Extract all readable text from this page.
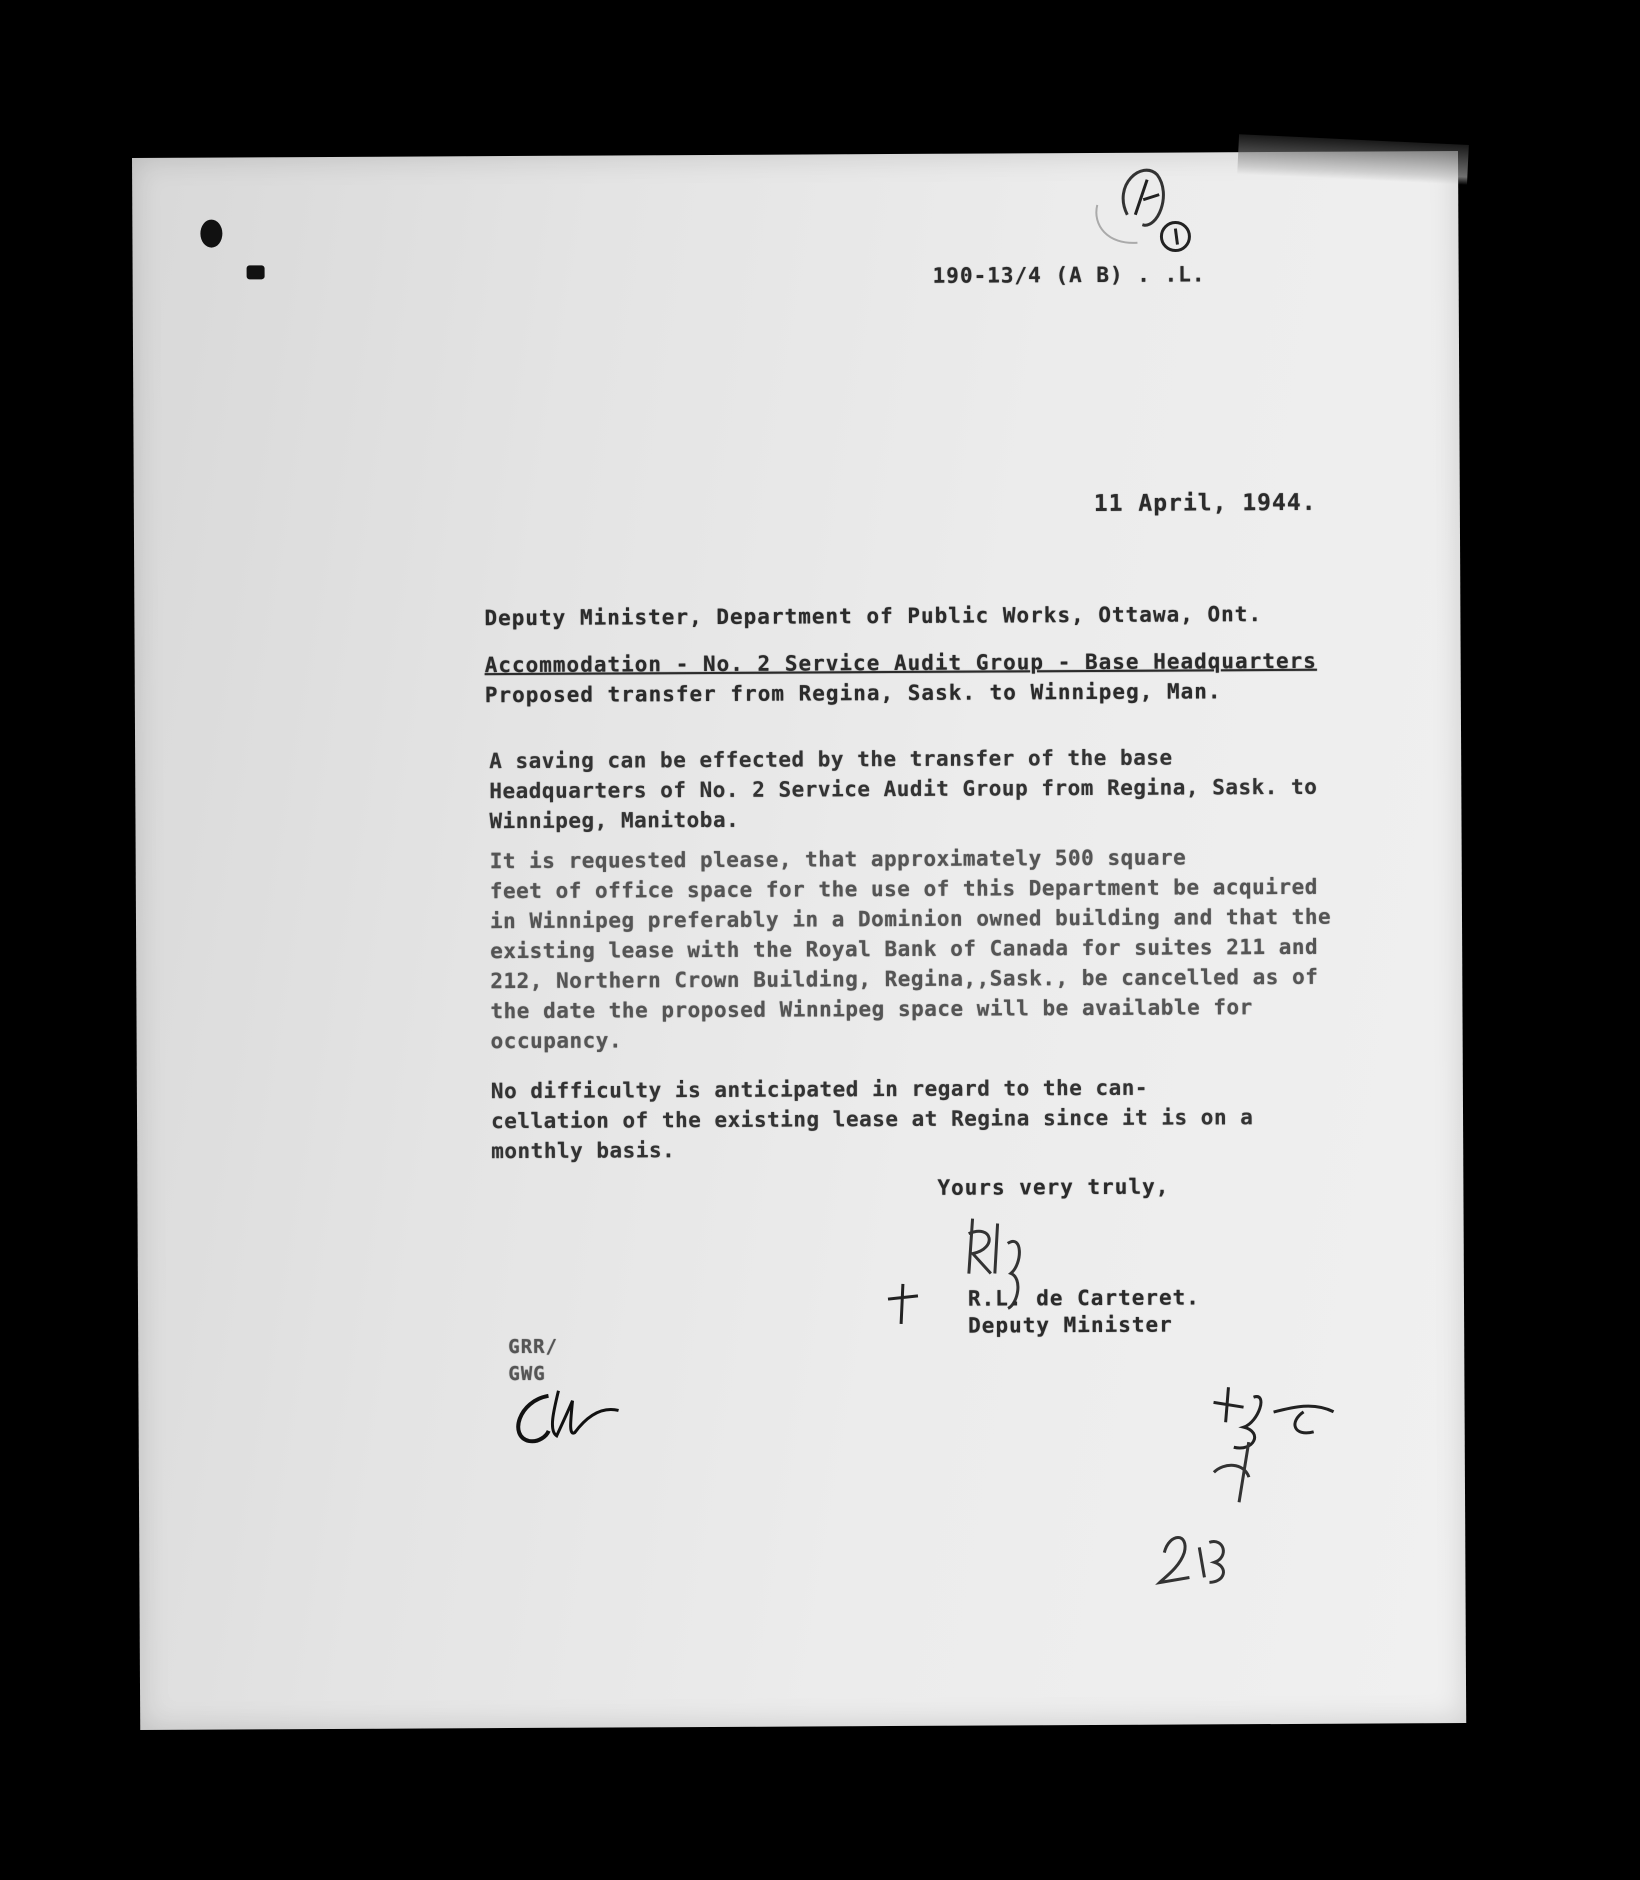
190-13/4 (A B) . .L.
11 April, 1944.
Deputy Minister, Department of Public Works, Ottawa, Ont.
Accommodation - No. 2 Service Audit Group - Base Headquarters
Proposed transfer from Regina, Sask. to Winnipeg, Man.
A saving can be effected by the transfer of the base
Headquarters of No. 2 Service Audit Group from Regina, Sask. to
Winnipeg, Manitoba.
It is requested please, that approximately 500 square
feet of office space for the use of this Department be acquired
in Winnipeg preferably in a Dominion owned building and that the
existing lease with the Royal Bank of Canada for suites 211 and
212, Northern Crown Building, Regina,,Sask., be cancelled as of
the date the proposed Winnipeg space will be available for
occupancy.
No difficulty is anticipated in regard to the can-
cellation of the existing lease at Regina since it is on a
monthly basis.
Yours very truly,
R.L. de Carteret.
Deputy Minister
GRR/
GWG
